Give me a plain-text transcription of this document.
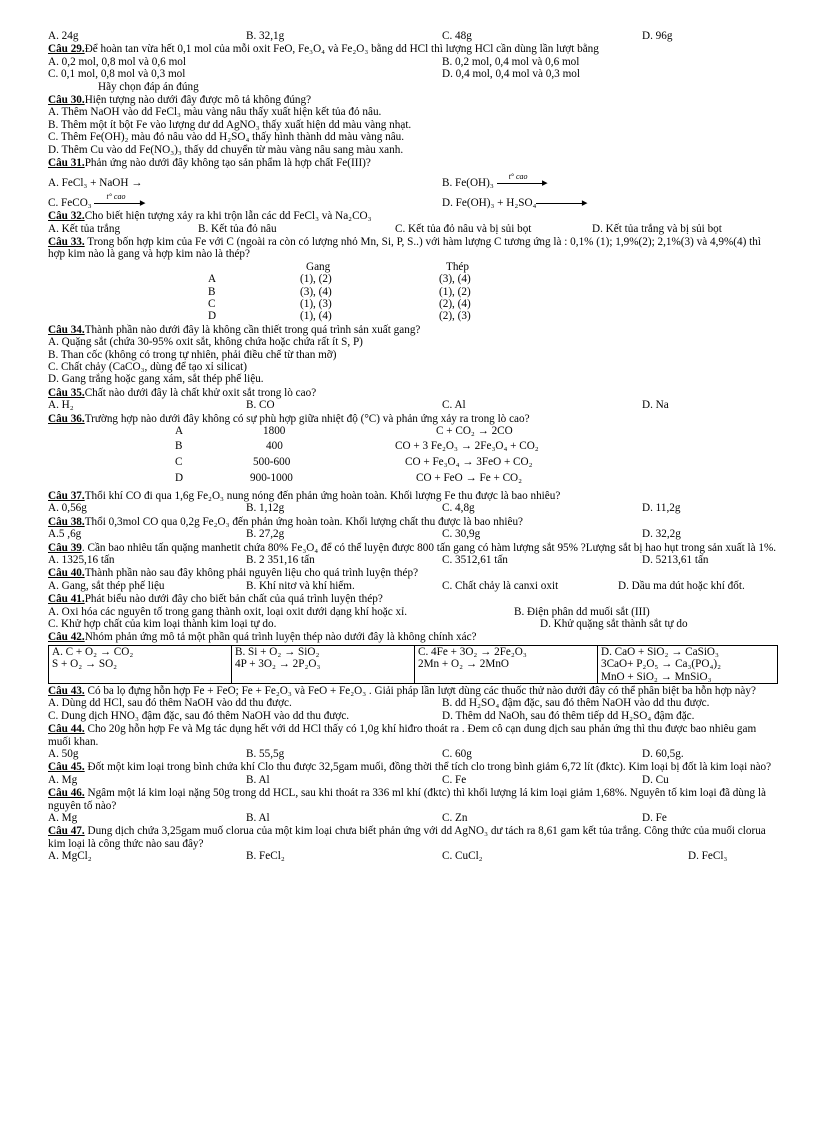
A. 24g	B. 32,1g	C. 48g	D. 96g
Câu 29. Để hoàn tan vừa hết 0,1 mol của mỗi oxit FeO, Fe₃O₄ và Fe₂O₃ bằng dd HCl thì lượng HCl cần dùng lần lượt bằng
A. 0,2 mol, 0,8 mol và 0,6 mol	B. 0,2 mol, 0,4 mol và 0,6 mol
C. 0,1 mol, 0,8 mol và 0,3 mol	D. 0,4 mol, 0,4 mol và 0,3 mol
Hãy chọn đáp án đúng
Câu 30. Hiện tượng nào dưới đây được mô tả không đúng?
A. Thêm NaOH vào dd FeCl₃ màu vàng nâu thấy xuất hiện kết tủa đỏ nâu.
B. Thêm một ít bột Fe vào lượng dư dd AgNO₃ thấy xuất hiện dd màu vàng nhạt.
C. Thêm Fe(OH)₂ màu đỏ nâu vào dd H₂SO₄ thấy hình thành dd màu vàng nâu.
D. Thêm Cu vào dd Fe(NO₃)₃ thấy dd chuyển từ màu vàng nâu sang màu xanh.
Câu 31. Phản ứng nào dưới đây không tạo sản phẩm là hợp chất Fe(III)?
A. FeCl₃ + NaOH →	B. Fe(OH)₃
t° cao
▸
C. FeCO₃
t° cao
▸	D. Fe(OH)₃ + H₂SO₄	▸
Câu 32. Cho biết hiện tượng xảy ra khi trộn lẫn các dd FeCl₃ và Na₂CO₃
A. Kết tủa trắng	B. Kết tủa đỏ nâu	C. Kết tủa đỏ nâu và bị sủi bọt	D. Kết tủa trắng và bị sủi bọt
Câu 33. Trong bốn hợp kim của Fe với C (ngoài ra còn có lượng nhỏ Mn, Si, P, S..) với hàm lượng C tương ứng là : 0,1% (1); 1,9%(2); 2,1%(3) và 4,9%(4) thì hợp kim nào là gang và hợp kim nào là thép?
Gang	Thép
A	(1), (2)	(3), (4)
B	(3), (4)	(1), (2)
C	(1), (3)	(2), (4)
D	(1), (4)	(2), (3)
Câu 34. Thành phần nào dưới đây là không cần thiết trong quá trình sản xuất gang?
A. Quặng sắt (chứa 30-95% oxit sắt, không chứa hoặc chứa rất ít S, P)
B. Than cốc (không có trong tự nhiên, phải điều chế từ than mỡ)
C. Chất chảy (CaCO₃, dùng để tạo xỉ silicat)
D. Gang trắng hoặc gang xám, sắt thép phế liệu.
Câu 35. Chất nào dưới đây là chất khử oxit sắt trong lò cao?
A. H₂	B. CO	C. Al	D. Na
Câu 36. Trường hợp nào dưới đây không có sự phù hợp giữa nhiệt độ (°C) và phản ứng xảy ra trong lò cao?
A	1800	C + CO₂ → 2CO
B	400	CO + 3 Fe₂O₃ → 2Fe₃O₄ + CO₂
C	500-600	CO + Fe₃O₄ → 3FeO + CO₂
D	900-1000	CO + FeO → Fe + CO₂
Câu 37. Thổi khí CO đi qua 1,6g Fe₂O₃ nung nóng đến phản ứng hoàn toàn. Khối lượng Fe thu được là bao nhiêu?
A. 0,56g	B. 1,12g	C. 4,8g	D. 11,2g
Câu 38. Thổi 0,3mol CO qua 0,2g Fe₂O₃ đến phản ứng hoàn toàn. Khối lượng chất thu được là bao nhiêu?
A.5 ,6g	B. 27,2g	C. 30,9g	D. 32,2g
Câu 39. Cần bao nhiêu tấn quặng manhetit chứa 80% Fe₃O₄ để có thể luyện được 800 tấn gang có hàm lượng sắt 95% ?Lượng sắt bị hao hụt trong sản xuất là 1%.
A. 1325,16 tấn	B. 2 351,16 tấn	C. 3512,61 tấn	D. 5213,61 tấn
Câu 40. Thành phần nào sau đây không phải nguyên liệu cho quá trình luyện thép?
A. Gang, sắt thép phế liệu	B. Khí nitơ và khí hiếm.	C. Chất chảy là canxi oxit	D. Dầu ma dút hoặc khí đốt.
Câu 41. Phát biểu nào dưới đây cho biết bản chất của quá trình luyện thép?
A. Oxi hóa các nguyên tố trong gang thành oxit, loại oxit dưới dạng khí hoặc xỉ.	B. Điện phân dd muối sắt (III)
C. Khử hợp chất của kim loại thành kim loại tự do.	D. Khử quặng sắt thành sắt tự do
Câu 42. Nhóm phản ứng mô tả một phần quá trình luyện thép nào dưới đây là không chính xác?
A. C + O₂ → CO₂
S + O₂ → SO₂

B. Si + O₂ → SiO₂
4P + 3O₂ → 2P₂O₃

C. 4Fe + 3O₂ → 2Fe₂O₃
2Mn + O₂ → 2MnO

D. CaO + SiO₂ → CaSiO₃
3CaO+ P₂O₅ → Ca₃(PO₄)₂
MnO + SiO₂ → MnSiO₃
Câu 43. Có ba lọ đựng hỗn hợp Fe + FeO; Fe + Fe₂O₃ và FeO + Fe₂O₃ . Giải pháp lần lượt dùng các thuốc thử nào dưới đây có thể phân biệt ba hỗn hợp này?
A. Dùng dd HCl, sau đó thêm NaOH vào dd thu được.	B. dd H₂SO₄ đậm đặc, sau đó thêm NaOH vào dd thu được.
C. Dung dịch HNO₃ đậm đặc, sau đó thêm NaOH vào dd thu được.	D. Thêm dd NaOh, sau đó thêm tiếp dd H₂SO₄ đậm đặc.
Câu 44. Cho 20g hỗn hợp Fe và Mg tác dụng hết với dd HCl thấy có 1,0g khí hiđro thoát ra . Đem cô cạn dung dịch sau phản ứng thì thu được bao nhiêu gam muối khan.
A. 50g	B. 55,5g	C. 60g	D. 60,5g.
Câu 45. Đốt một kim loại trong bình chứa khí Clo thu được 32,5gam muối, đồng thời thể tích clo trong bình giảm 6,72 lít (đktc). Kim loại bị đốt là kim loại nào?
A. Mg	B. Al	C. Fe	D. Cu
Câu 46. Ngâm một lá kim loại nặng 50g trong dd HCL, sau khi thoát ra 336 ml khí (đktc) thì khối lượng lá kim loại giảm 1,68%. Nguyên tố kim loại đã dùng là nguyên tố nào?
A. Mg	B. Al	C. Zn	D. Fe
Câu 47. Dung dịch chứa 3,25gam muố clorua của một kim loại chưa biết phản ứng với dd AgNO₃ dư tách ra 8,61 gam kết tủa trắng. Công thức của muối clorua kim loại là công thức nào sau đây?
A. MgCl₂	B. FeCl₂	C. CuCl₂	D. FeCl₃
